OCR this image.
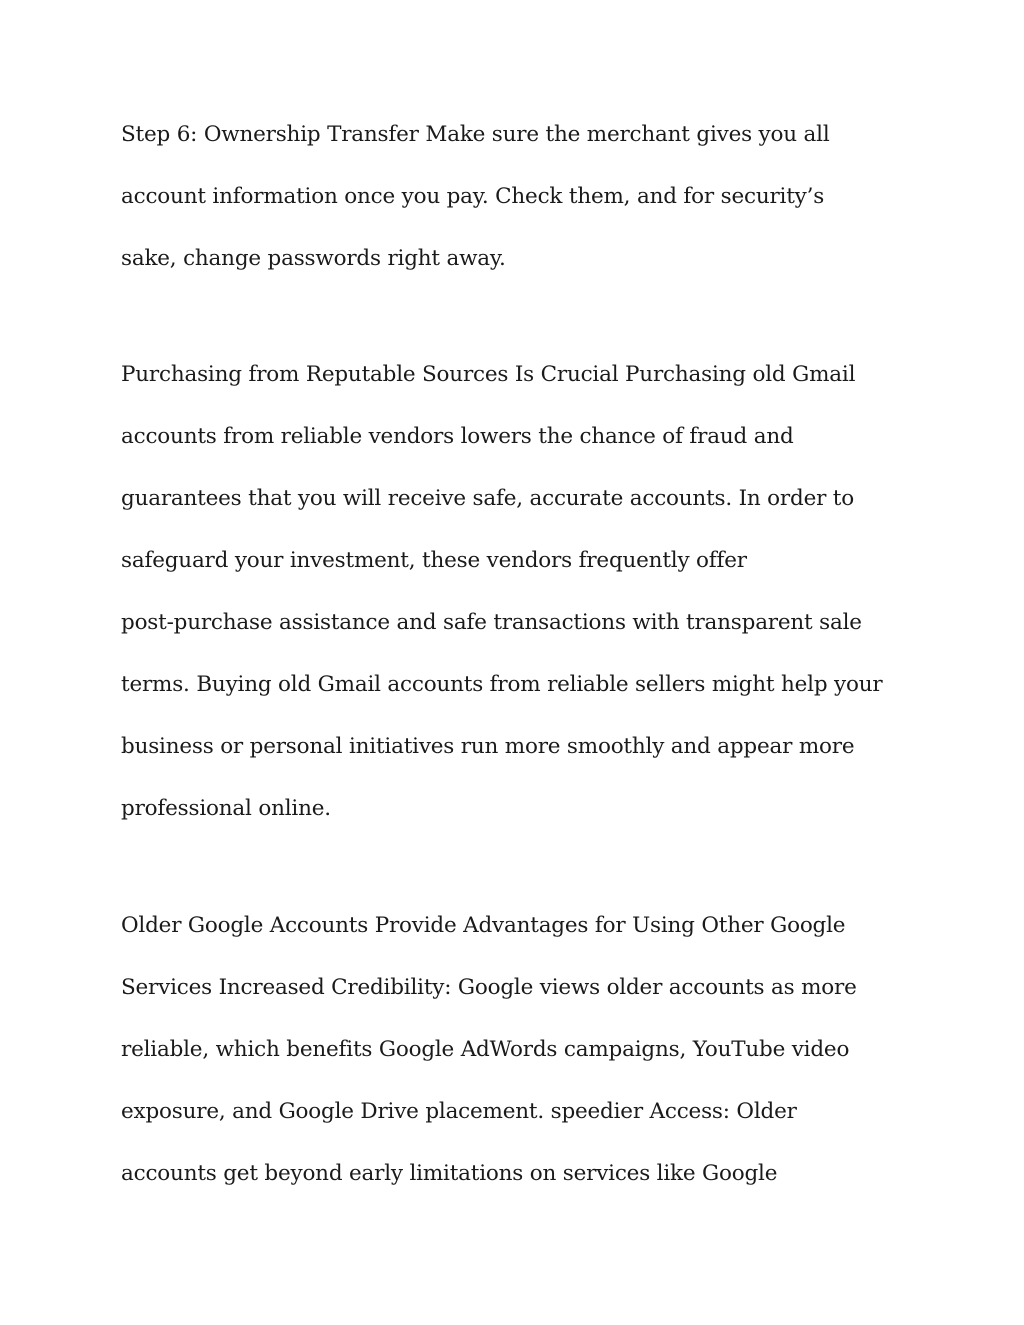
Step 6: Ownership Transfer Make sure the merchant gives you all
account information once you pay. Check them, and for security’s
sake, change passwords right away.
Purchasing from Reputable Sources Is Crucial Purchasing old Gmail
accounts from reliable vendors lowers the chance of fraud and
guarantees that you will receive safe, accurate accounts. In order to
safeguard your investment, these vendors frequently offer
post-purchase assistance and safe transactions with transparent sale
terms. Buying old Gmail accounts from reliable sellers might help your
business or personal initiatives run more smoothly and appear more
professional online.
Older Google Accounts Provide Advantages for Using Other Google
Services Increased Credibility: Google views older accounts as more
reliable, which benefits Google AdWords campaigns, YouTube video
exposure, and Google Drive placement. speedier Access: Older
accounts get beyond early limitations on services like Google
